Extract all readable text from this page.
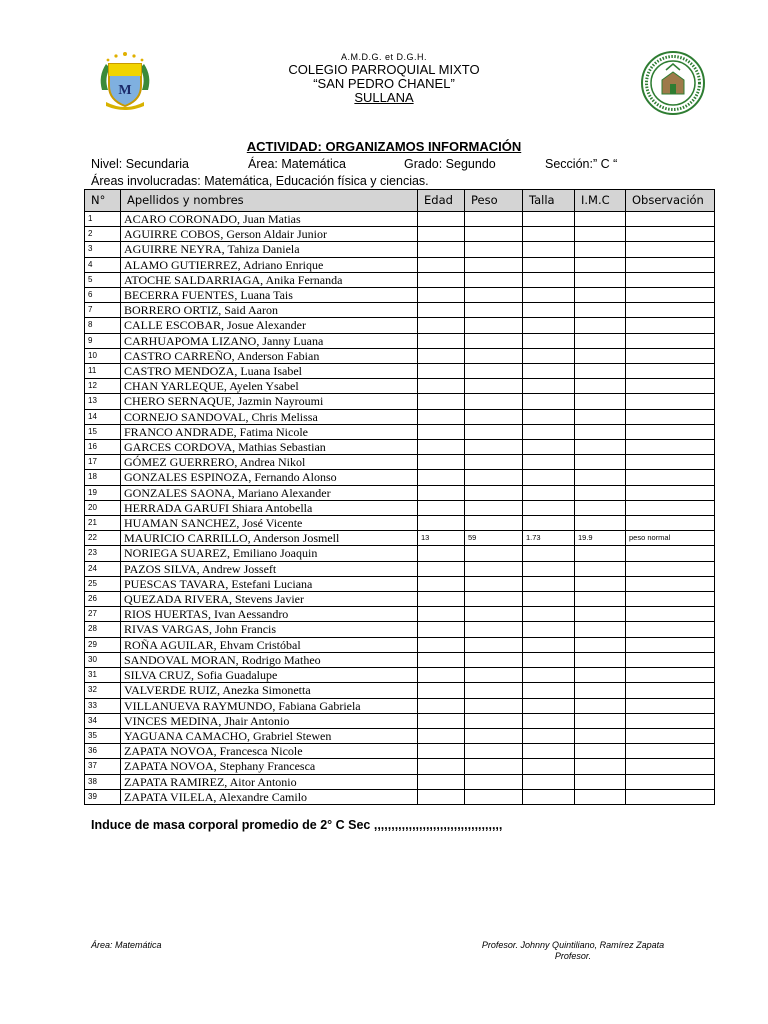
M
A.M.D.G. et D.G.H.
COLEGIO PARROQUIAL MIXTO
“SAN PEDRO CHANEL”
SULLANA
ACTIVIDAD: ORGANIZAMOS INFORMACIÓN
Nivel: Secundaria	Área: Matemática	Grado: Segundo	Sección:” C “
Áreas involucradas: Matemática, Educación física y ciencias.
N°	Apellidos y nombres	Edad	Peso	Talla	I.M.C	Observación
1	ACARO CORONADO, Juan Matias					
2	AGUIRRE COBOS, Gerson Aldair Junior					
3	AGUIRRE NEYRA, Tahiza Daniela					
4	ALAMO GUTIERREZ, Adriano Enrique					
5	ATOCHE SALDARRIAGA, Anika Fernanda					
6	BECERRA FUENTES, Luana Tais					
7	BORRERO ORTIZ, Said Aaron					
8	CALLE ESCOBAR, Josue Alexander					
9	CARHUAPOMA LIZANO, Janny Luana					
10	CASTRO CARREÑO, Anderson Fabian					
11	CASTRO MENDOZA, Luana Isabel					
12	CHAN YARLEQUE, Ayelen Ysabel					
13	CHERO SERNAQUE, Jazmin Nayroumi					
14	CORNEJO SANDOVAL, Chris Melissa					
15	FRANCO ANDRADE, Fatima Nicole					
16	GARCES CORDOVA, Mathias Sebastian					
17	GÓMEZ GUERRERO, Andrea Nikol					
18	GONZALES ESPINOZA, Fernando Alonso					
19	GONZALES SAONA, Mariano Alexander					
20	HERRADA GARUFI Shiara Antobella					
21	HUAMAN SANCHEZ, José Vicente					
22	MAURICIO CARRILLO, Anderson Josmell	13	59	1.73	19.9	peso normal
23	NORIEGA SUAREZ, Emiliano Joaquin					
24	PAZOS SILVA, Andrew Josseft					
25	PUESCAS TAVARA, Estefani Luciana					
26	QUEZADA RIVERA, Stevens Javier					
27	RIOS HUERTAS, Ivan Aessandro					
28	RIVAS VARGAS, John Francis					
29	ROÑA AGUILAR, Ehvam Cristóbal					
30	SANDOVAL MORAN, Rodrigo Matheo					
31	SILVA CRUZ, Sofia Guadalupe					
32	VALVERDE RUIZ, Anezka Simonetta					
33	VILLANUEVA RAYMUNDO, Fabiana Gabriela					
34	VINCES MEDINA, Jhair Antonio					
35	YAGUANA CAMACHO, Grabriel Stewen					
36	ZAPATA NOVOA, Francesca Nicole					
37	ZAPATA NOVOA, Stephany Francesca					
38	ZAPATA RAMIREZ, Aitor Antonio					
39	ZAPATA VILELA, Alexandre Camilo					
Induce de masa corporal promedio de 2° C Sec ,,,,,,,,,,,,,,,,,,,,,,,,,,,,,,,,,,,,,
Área: Matemática	Profesor. Johnny Quintiliano, Ramírez Zapata
Profesor.
